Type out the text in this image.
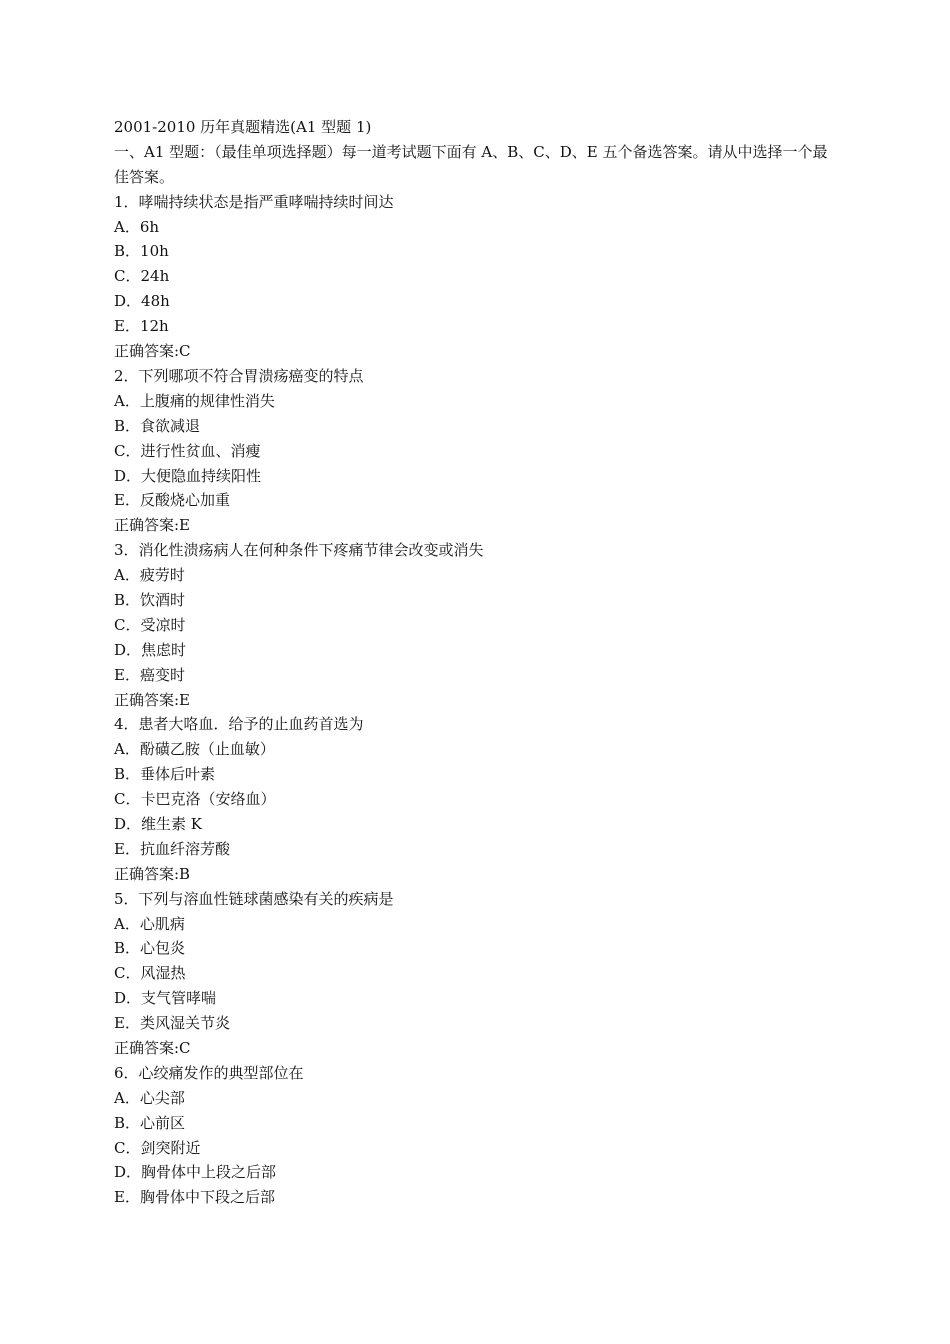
2001-2010 历年真题精选(A1 型题 1)
一、A1 型题：（最佳单项选择题）每一道考试题下面有 A、B、C、D、E 五个备选答案。请从中选择一个最佳答案。
1．哮喘持续状态是指严重哮喘持续时间达
A．6h
B．10h
C．24h
D．48h
E．12h
正确答案:C
2．下列哪项不符合胃溃疡癌变的特点
A．上腹痛的规律性消失
B．食欲减退
C．进行性贫血、消瘦
D．大便隐血持续阳性
E．反酸烧心加重
正确答案:E
3．消化性溃疡病人在何种条件下疼痛节律会改变或消失
A．疲劳时
B．饮酒时
C．受凉时
D．焦虑时
E．癌变时
正确答案:E
4．患者大咯血．给予的止血药首选为
A．酚磺乙胺（止血敏）
B．垂体后叶素
C．卡巴克洛（安络血）
D．维生素 K
E．抗血纤溶芳酸
正确答案:B
5．下列与溶血性链球菌感染有关的疾病是
A．心肌病
B．心包炎
C．风湿热
D．支气管哮喘
E．类风湿关节炎
正确答案:C
6．心绞痛发作的典型部位在
A．心尖部
B．心前区
C．剑突附近
D．胸骨体中上段之后部
E．胸骨体中下段之后部
